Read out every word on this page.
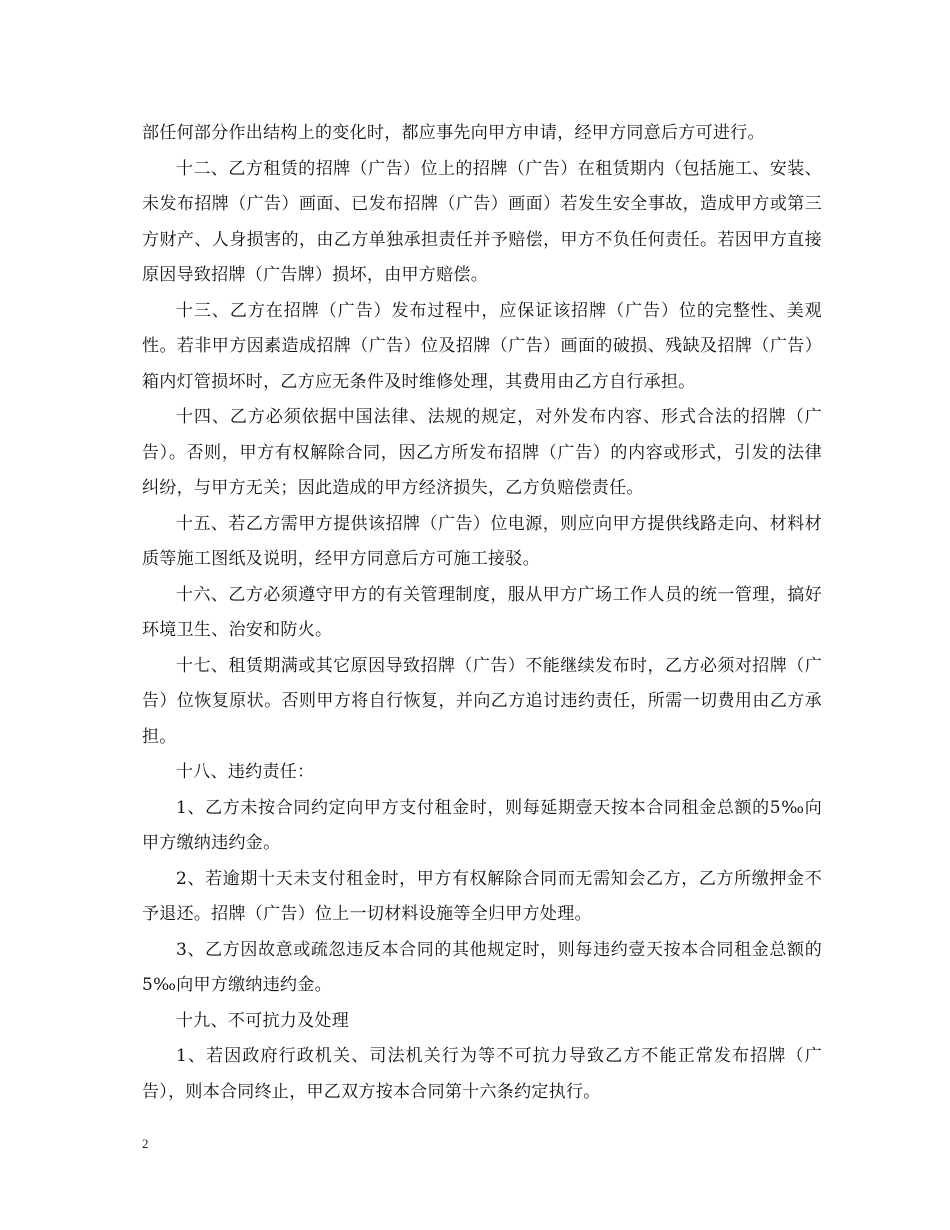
部任何部分作出结构上的变化时，都应事先向甲方申请，经甲方同意后方可进行。

十二、乙方租赁的招牌（广告）位上的招牌（广告）在租赁期内（包括施工、安装、未发布招牌（广告）画面、已发布招牌（广告）画面）若发生安全事故，造成甲方或第三方财产、人身损害的，由乙方单独承担责任并予赔偿，甲方不负任何责任。若因甲方直接原因导致招牌（广告牌）损坏，由甲方赔偿。

十三、乙方在招牌（广告）发布过程中，应保证该招牌（广告）位的完整性、美观性。若非甲方因素造成招牌（广告）位及招牌（广告）画面的破损、残缺及招牌（广告）箱内灯管损坏时，乙方应无条件及时维修处理，其费用由乙方自行承担。

十四、乙方必须依据中国法律、法规的规定，对外发布内容、形式合法的招牌（广告）。否则，甲方有权解除合同，因乙方所发布招牌（广告）的内容或形式，引发的法律纠纷，与甲方无关；因此造成的甲方经济损失，乙方负赔偿责任。

十五、若乙方需甲方提供该招牌（广告）位电源，则应向甲方提供线路走向、材料材质等施工图纸及说明，经甲方同意后方可施工接驳。

十六、乙方必须遵守甲方的有关管理制度，服从甲方广场工作人员的统一管理，搞好环境卫生、治安和防火。

十七、租赁期满或其它原因导致招牌（广告）不能继续发布时，乙方必须对招牌（广告）位恢复原状。否则甲方将自行恢复，并向乙方追讨违约责任，所需一切费用由乙方承担。

十八、违约责任：

1、乙方未按合同约定向甲方支付租金时，则每延期壹天按本合同租金总额的5‰向甲方缴纳违约金。

2、若逾期十天未支付租金时，甲方有权解除合同而无需知会乙方，乙方所缴押金不予退还。招牌（广告）位上一切材料设施等全归甲方处理。

3、乙方因故意或疏忽违反本合同的其他规定时，则每违约壹天按本合同租金总额的5‰向甲方缴纳违约金。

十九、不可抗力及处理

1、若因政府行政机关、司法机关行为等不可抗力导致乙方不能正常发布招牌（广告），则本合同终止，甲乙双方按本合同第十六条约定执行。

2
